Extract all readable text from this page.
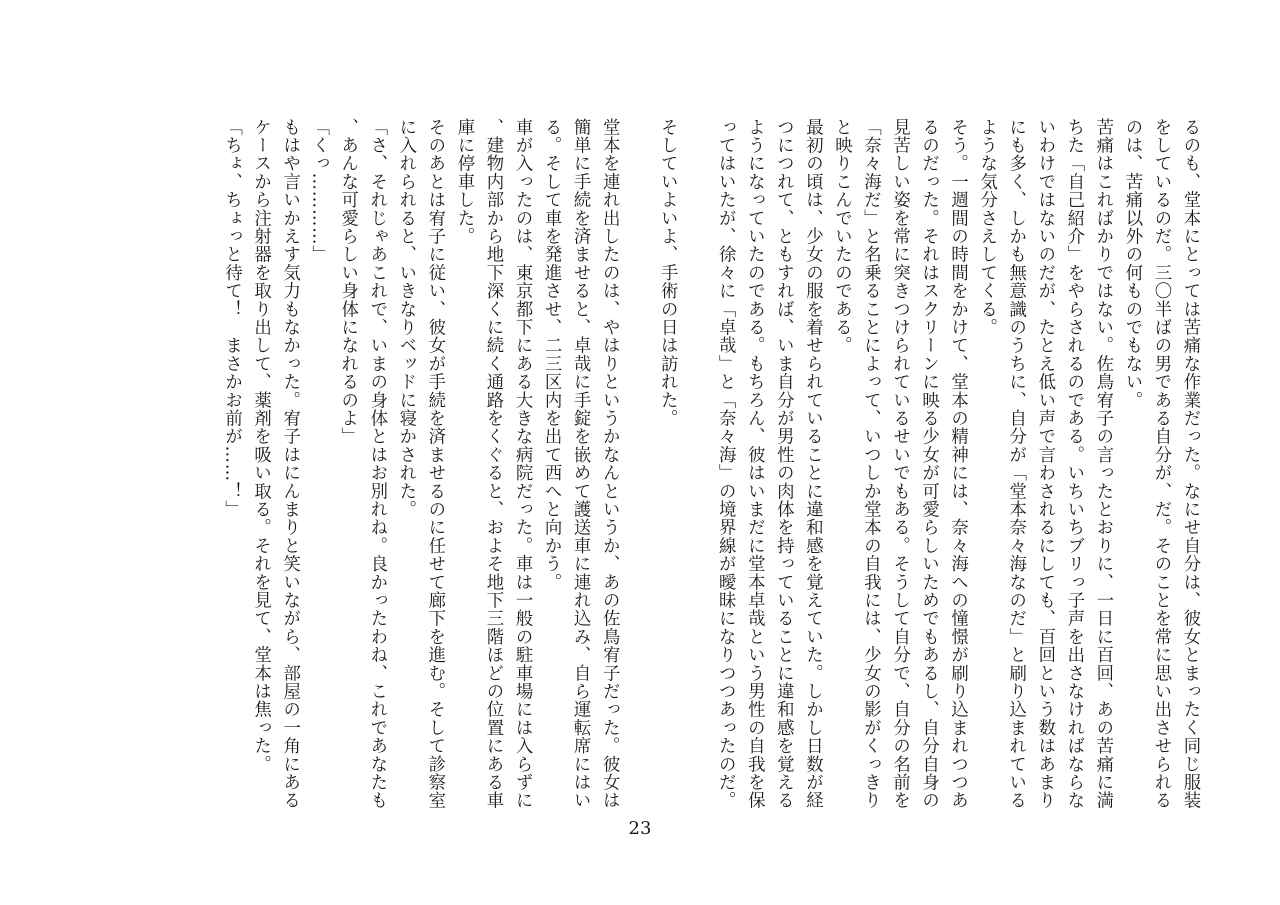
るのも、堂本にとっては苦痛な作業だった。なにせ自分は、彼女とまったく同じ服装をしているのだ。三〇半ばの男である自分が、だ。そのことを常に思い出させられるのは、苦痛以外の何ものでもない。

苦痛はこればかりではない。佐鳥宥子の言ったとおりに、一日に百回、あの苦痛に満ちた「自己紹介」をやらされるのである。いちいちブリっ子声を出さなければならないわけではないのだが、たとえ低い声で言わされるにしても、百回という数はあまりにも多く、しかも無意識のうちに、自分が「堂本奈々海なのだ」と刷り込まれているような気分さえしてくる。

そう。一週間の時間をかけて、堂本の精神には、奈々海への憧憬が刷り込まれつつあるのだった。それはスクリーンに映る少女が可愛らしいためでもあるし、自分自身の見苦しい姿を常に突きつけられているせいでもある。そうして自分で、自分の名前を「奈々海だ」と名乗ることによって、いつしか堂本の自我には、少女の影がくっきりと映りこんでいたのである。

最初の頃は、少女の服を着せられていることに違和感を覚えていた。しかし日数が経つにつれて、ともすれば、いま自分が男性の肉体を持っていることに違和感を覚えるようになっていたのである。もちろん、彼はいまだに堂本卓哉という男性の自我を保ってはいたが、徐々に「卓哉」と「奈々海」の境界線が曖昧になりつつあったのだ。

そしていよいよ、手術の日は訪れた。

堂本を連れ出したのは、やはりというかなんというか、あの佐鳥宥子だった。彼女は簡単に手続を済ませると、卓哉に手錠を嵌めて護送車に連れ込み、自ら運転席にはいる。そして車を発進させ、二三区内を出て西へと向かう。

車が入ったのは、東京都下にある大きな病院だった。車は一般の駐車場には入らずに、建物内部から地下深くに続く通路をくぐると、およそ地下三階ほどの位置にある車庫に停車した。

そのあとは宥子に従い、彼女が手続を済ませるのに任せて廊下を進む。そして診察室に入れられると、いきなりベッドに寝かされた。

「さ、それじゃあこれで、いまの身体とはお別れね。良かったわね、これであなたも、あんな可愛らしい身体になれるのよ」

「くっ…………」

もはや言いかえす気力もなかった。宥子はにんまりと笑いながら、部屋の一角にあるケースから注射器を取り出して、薬剤を吸い取る。それを見て、堂本は焦った。

「ちょ、ちょっと待て！　まさかお前が……！」

23
